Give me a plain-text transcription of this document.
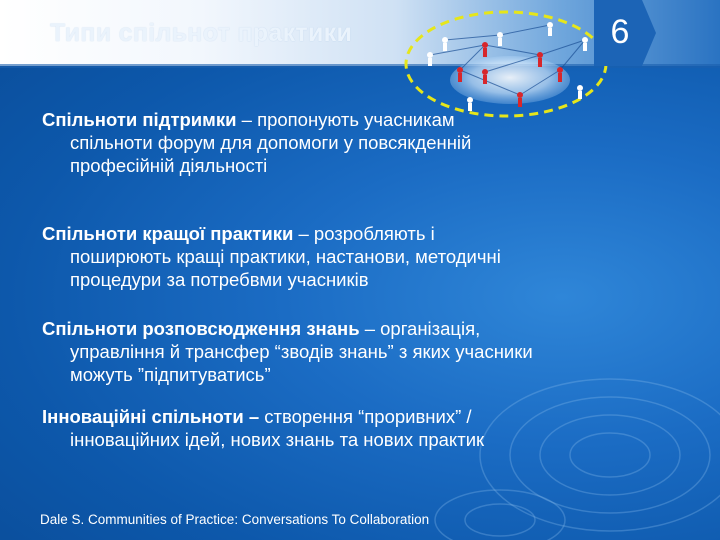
Типи спільнот практики	6
Спільноти підтримки – пропонують учасникам
спільноти форум для допомоги у повсякденній
професійній діяльності
Спільноти кращої практики – розробляють і
поширюють кращі практики, настанови, методичні
процедури за потребвми учасників
Спільноти розповсюдження знань – організація,
управління й трансфер “зводів знань” з яких учасники
можуть ”підпитуватись”
Інноваційні спільноти – створення “проривних” /
інноваційних ідей, нових знань та нових практик
Dale S. Communities of Practice: Conversations To Collaboration
